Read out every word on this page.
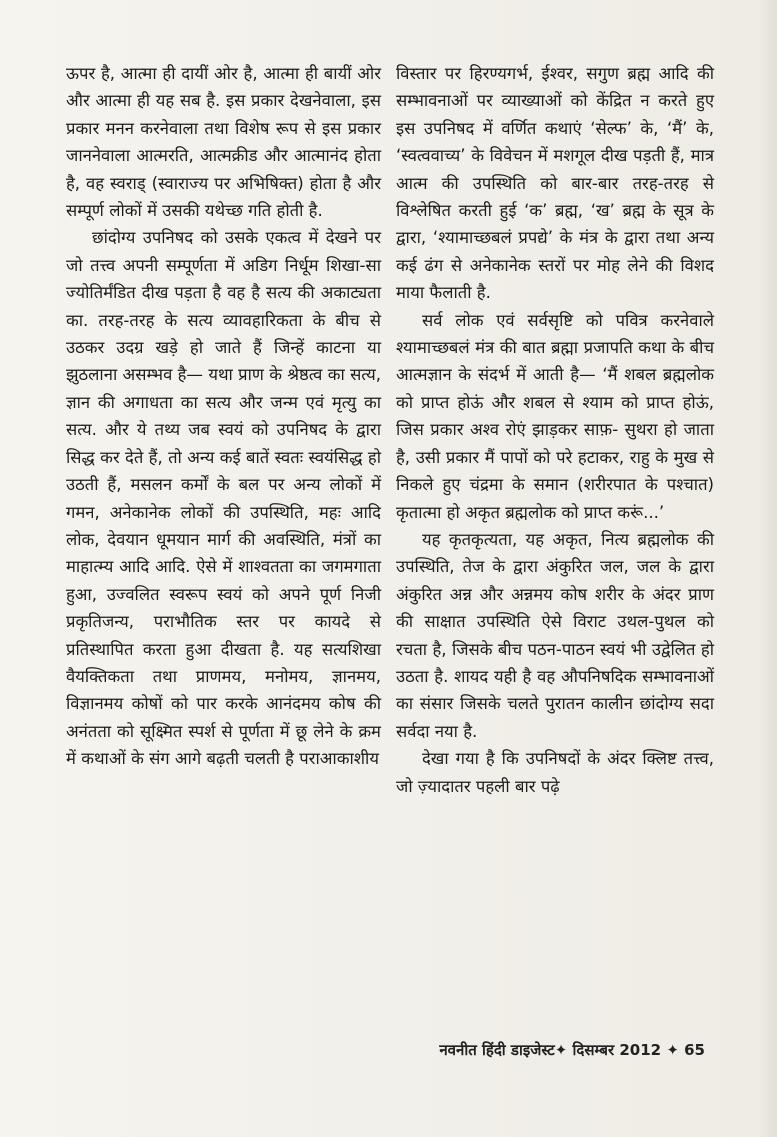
ऊपर है, आत्मा ही दायीं ओर है, आत्मा ही बायीं ओर और आत्मा ही यह सब है. इस प्रकार देखनेवाला, इस प्रकार मनन करनेवाला तथा विशेष रूप से इस प्रकार जाननेवाला आत्मरति, आत्मक्रीड और आत्मानंद होता है, वह स्वराड् (स्वाराज्य पर अभिषिक्त) होता है और सम्पूर्ण लोकों में उसकी यथेच्छ गति होती है.

छांदोग्य उपनिषद को उसके एकत्व में देखने पर जो तत्त्व अपनी सम्पूर्णता में अडिग निर्धूम शिखा-सा ज्योतिर्मंडित दीख पड़ता है वह है सत्य की अकाट्यता का. तरह-तरह के सत्य व्यावहारिकता के बीच से उठकर उदग्र खड़े हो जाते हैं जिन्हें काटना या झुठलाना असम्भव है— यथा प्राण के श्रेष्ठत्व का सत्य, ज्ञान की अगाधता का सत्य और जन्म एवं मृत्यु का सत्य. और ये तथ्य जब स्वयं को उपनिषद के द्वारा सिद्ध कर देते हैं, तो अन्य कई बातें स्वतः स्वयंसिद्ध हो उठती हैं, मसलन कर्मों के बल पर अन्य लोकों में गमन, अनेकानेक लोकों की उपस्थिति, महः आदि लोक, देवयान धूमयान मार्ग की अवस्थिति, मंत्रों का माहात्म्य आदि आदि. ऐसे में शाश्वतता का जगमगाता हुआ, उज्वलित स्वरूप स्वयं को अपने पूर्ण निजी प्रकृतिजन्य, पराभौतिक स्तर पर कायदे से प्रतिस्थापित करता हुआ दीखता है. यह सत्यशिखा वैयक्तिकता तथा प्राणमय, मनोमय, ज्ञानमय, विज्ञानमय कोषों को पार करके आनंदमय कोष की अनंतता को सूक्ष्मित स्पर्श से पूर्णता में छू लेने के क्रम में कथाओं के संग आगे बढ़ती चलती है पराआकाशीय

विस्तार पर हिरण्यगर्भ, ईश्वर, सगुण ब्रह्म आदि की सम्भावनाओं पर व्याख्याओं को केंद्रित न करते हुए इस उपनिषद में वर्णित कथाएं ‘सेल्फ’ के, ‘मैं’ के, ‘स्वत्ववाच्य’ के विवेचन में मशगूल दीख पड़ती हैं, मात्र आत्म की उपस्थिति को बार-बार तरह-तरह से विश्लेषित करती हुई ‘क’ ब्रह्म, ‘ख’ ब्रह्म के सूत्र के द्वारा, ‘श्यामाच्छबलं प्रपद्ये’ के मंत्र के द्वारा तथा अन्य कई ढंग से अनेकानेक स्तरों पर मोह लेने की विशद माया फैलाती है.

सर्व लोक एवं सर्वसृष्टि को पवित्र करनेवाले श्यामाच्छबलं मंत्र की बात ब्रह्मा प्रजापति कथा के बीच आत्मज्ञान के संदर्भ में आती है— ‘मैं शबल ब्रह्मलोक को प्राप्त होऊं और शबल से श्याम को प्राप्त होऊं, जिस प्रकार अश्व रोएं झाड़कर साफ़- सुथरा हो जाता है, उसी प्रकार मैं पापों को परे हटाकर, राहु के मुख से निकले हुए चंद्रमा के समान (शरीरपात के पश्चात) कृतात्मा हो अकृत ब्रह्मलोक को प्राप्त करूं...’

यह कृतकृत्यता, यह अकृत, नित्य ब्रह्मलोक की उपस्थिति, तेज के द्वारा अंकुरित जल, जल के द्वारा अंकुरित अन्न और अन्नमय कोष शरीर के अंदर प्राण की साक्षात उपस्थिति ऐसे विराट उथल-पुथल को रचता है, जिसके बीच पठन-पाठन स्वयं भी उद्वेलित हो उठता है. शायद यही है वह औपनिषदिक सम्भावनाओं का संसार जिसके चलते पुरातन कालीन छांदोग्य सदा सर्वदा नया है.

देखा गया है कि उपनिषदों के अंदर क्लिष्ट तत्त्व, जो ज़्यादातर पहली बार पढ़े

नवनीत हिंदी डाइजेस्ट✦ दिसम्बर 2012 ✦ 65
